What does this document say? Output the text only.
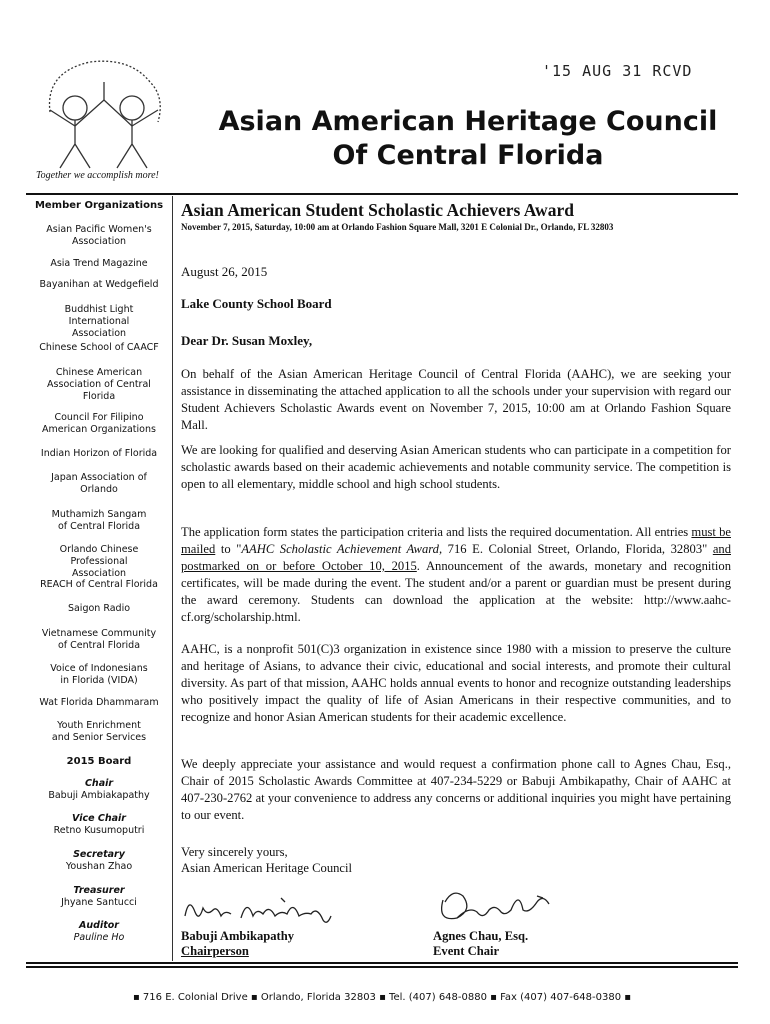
'15 AUG 31 RCVD
Together we accomplish more!
Asian American Heritage Council
Of Central Florida
Member Organizations
Asian Pacific Women's Association
Asia Trend Magazine
Bayanihan at Wedgefield
Buddhist Light International Association
Chinese School of CAACF
Chinese American Association of Central Florida
Council For Filipino American Organizations
Indian Horizon of Florida
Japan Association of Orlando
Muthamizh Sangam of Central Florida
Orlando Chinese Professional Association
REACH of Central Florida
Saigon Radio
Vietnamese Community of Central Florida
Voice of Indonesians in Florida (VIDA)
Wat Florida Dhammaram
Youth Enrichment and Senior Services
2015 Board
Chair
Babuji Ambiakapathy
Vice Chair
Retno Kusumoputri
Secretary
Youshan Zhao
Treasurer
Jhyane Santucci
Auditor
Pauline Ho
Asian American Student Scholastic Achievers Award
November 7, 2015, Saturday, 10:00 am at Orlando Fashion Square Mall, 3201 E Colonial Dr., Orlando, FL 32803
August 26, 2015
Lake County School Board
Dear Dr. Susan Moxley,

On behalf of the Asian American Heritage Council of Central Florida (AAHC), we are seeking your assistance in disseminating the attached application to all the schools under your supervision with regard our Student Achievers Scholastic Awards event on November 7, 2015, 10:00 am at Orlando Fashion Square Mall.

We are looking for qualified and deserving Asian American students who can participate in a competition for scholastic awards based on their academic achievements and notable community service. The competition is open to all elementary, middle school and high school students.

The application form states the participation criteria and lists the required documentation. All entries must be mailed to "AAHC Scholastic Achievement Award, 716 E. Colonial Street, Orlando, Florida, 32803" and postmarked on or before October 10, 2015. Announcement of the awards, monetary and recognition certificates, will be made during the event. The student and/or a parent or guardian must be present during the award ceremony. Students can download the application at the website: http://www.aahc-cf.org/scholarship.html.

AAHC, is a nonprofit 501(C)3 organization in existence since 1980 with a mission to preserve the culture and heritage of Asians, to advance their civic, educational and social interests, and promote their cultural diversity. As part of that mission, AAHC holds annual events to honor and recognize outstanding leaderships who positively impact the quality of life of Asian Americans in their respective communities, and to recognize and honor Asian American students for their academic excellence.

We deeply appreciate your assistance and would request a confirmation phone call to Agnes Chau, Esq., Chair of 2015 Scholastic Awards Committee at 407-234-5229 or Babuji Ambikapathy, Chair of AAHC at 407-230-2762 at your convenience to address any concerns or additional inquiries you might have pertaining to our event.

Very sincerely yours,
Asian American Heritage Council
Babuji Ambikapathy
Chairperson
Agnes Chau, Esq.
Event Chair
▪ 716 E. Colonial Drive ▪ Orlando, Florida 32803 ▪ Tel. (407) 648-0880 ▪ Fax (407) 407-648-0380 ▪
